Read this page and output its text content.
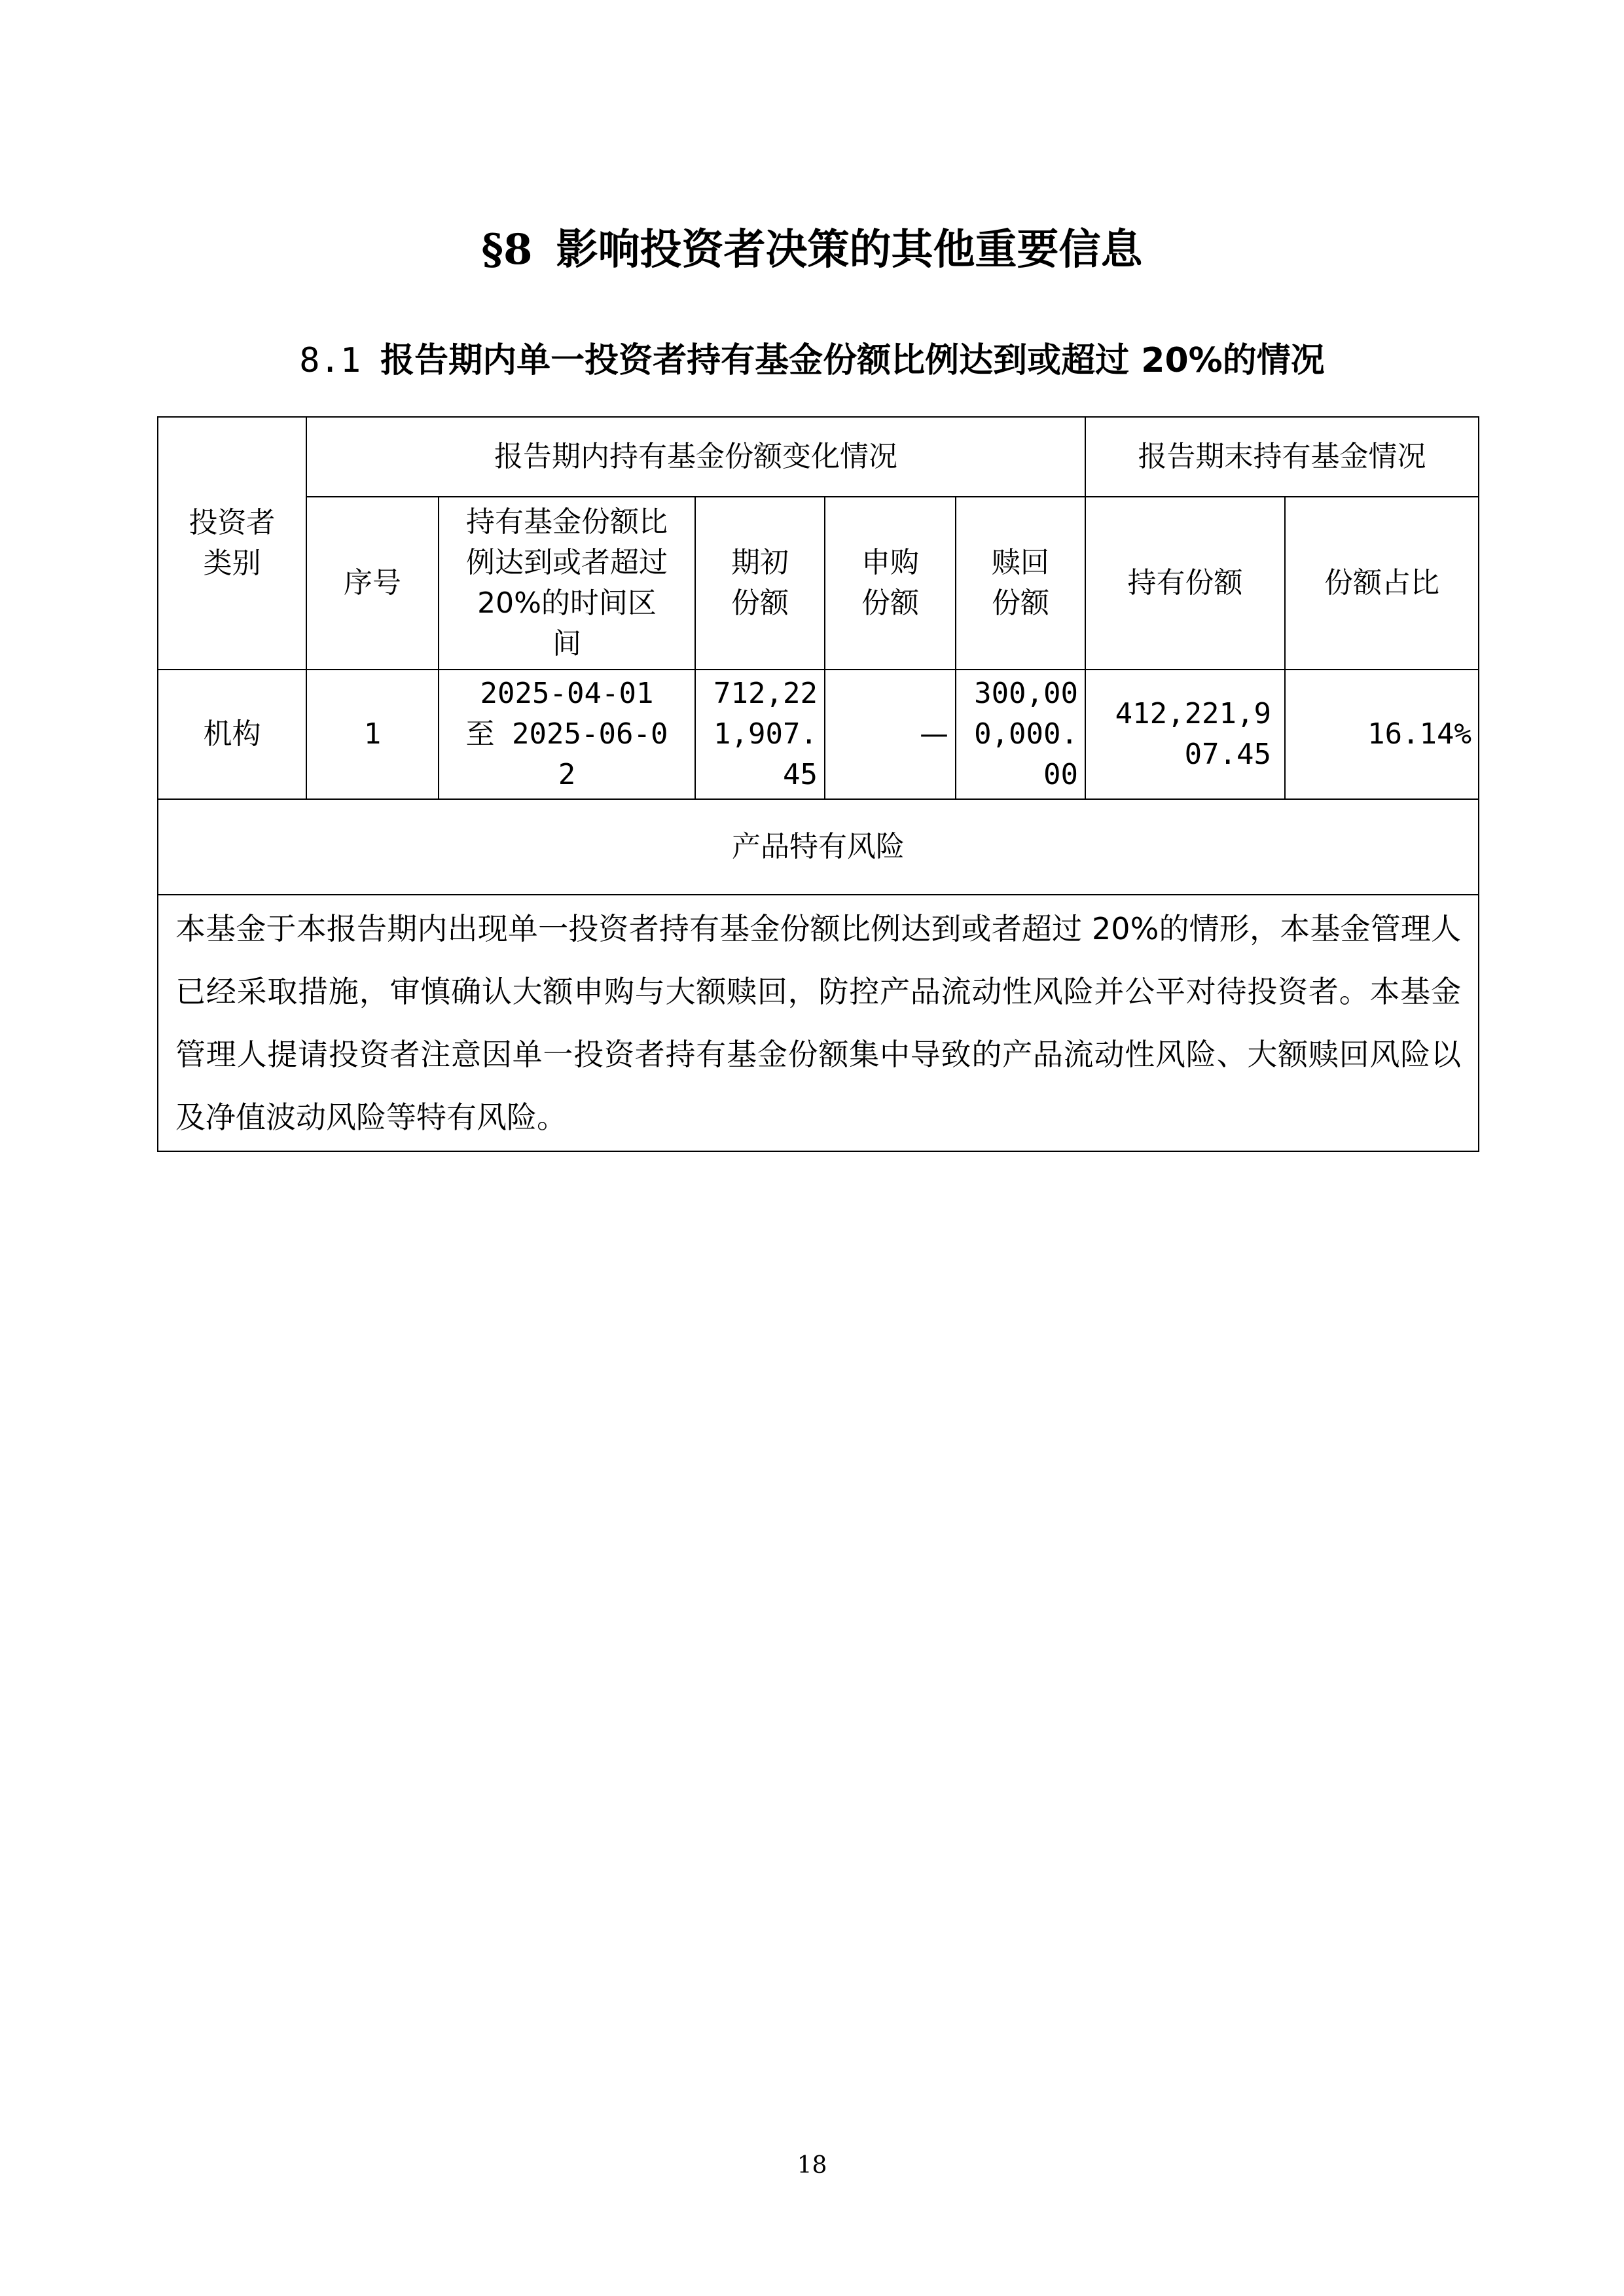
§8 影响投资者决策的其他重要信息
8.1 报告期内单一投资者持有基金份额比例达到或超过 20%的情况
投资者类别	报告期内持有基金份额变化情况					报告期末持有基金情况	
	序号	持有基金份额比例达到或者超过 20%的时间区间	期初份额	申购份额	赎回份额	持有份额	份额占比
机构	1	2025-04-01 至 2025-06-02	712,221,907.45	—	300,000,000.00	412,221,907.45	16.14%
产品特有风险							
本基金于本报告期内出现单一投资者持有基金份额比例达到或者超过 20%的情形，本基金管理人已经采取措施，审慎确认大额申购与大额赎回，防控产品流动性风险并公平对待投资者。本基金管理人提请投资者注意因单一投资者持有基金份额集中导致的产品流动性风险、大额赎回风险以及净值波动风险等特有风险。							
18
